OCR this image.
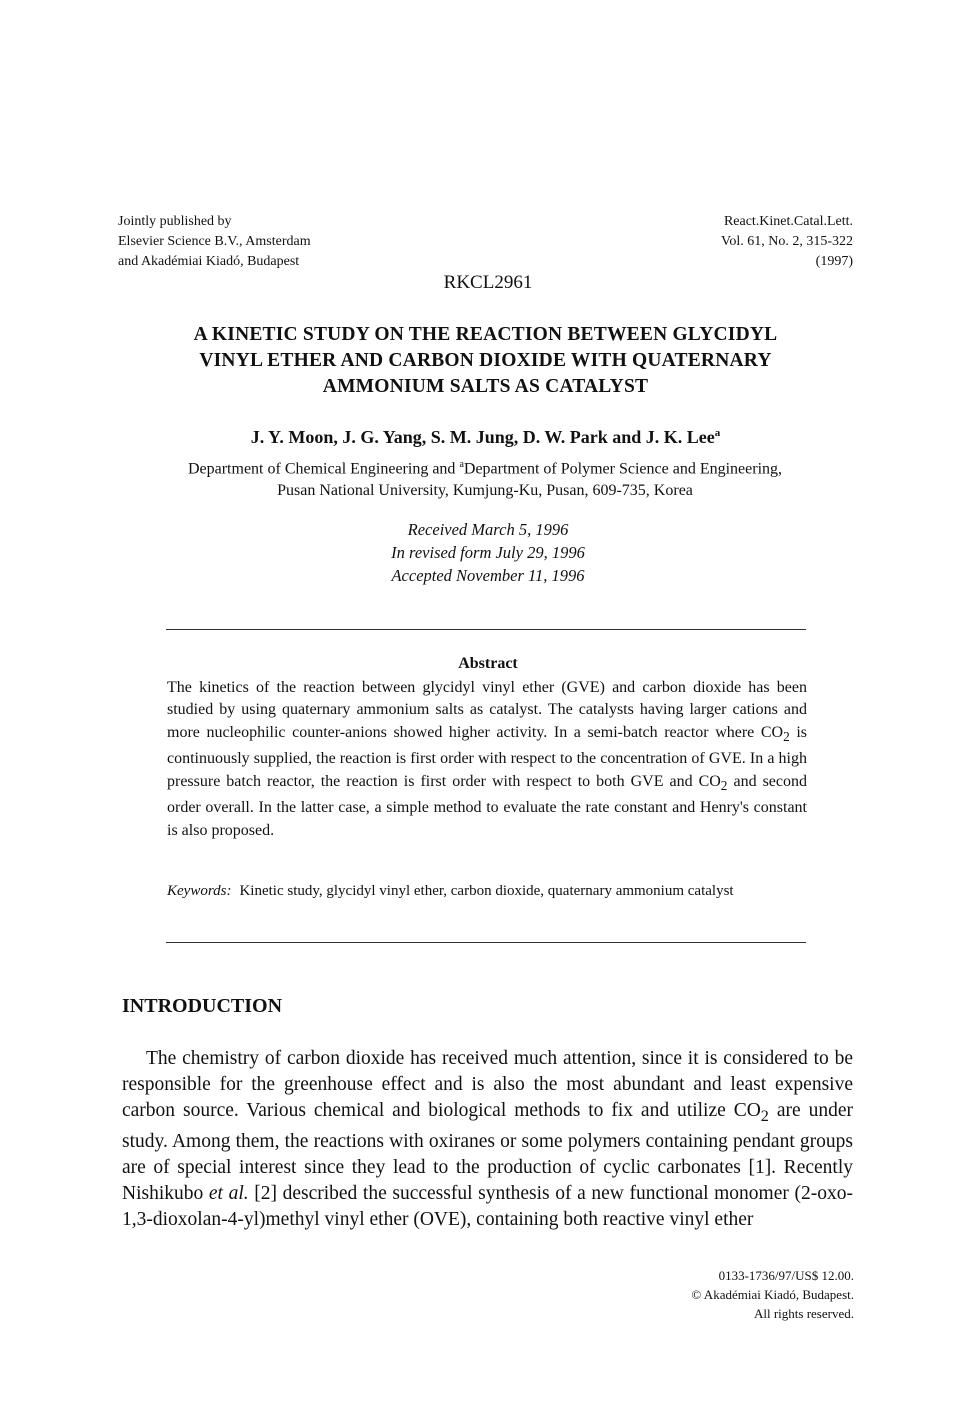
Jointly published by
Elsevier Science B.V., Amsterdam
and Akadémiai Kiadó, Budapest
React.Kinet.Catal.Lett.
Vol. 61, No. 2, 315-322
(1997)
RKCL2961
A KINETIC STUDY ON THE REACTION BETWEEN GLYCIDYL
VINYL ETHER AND CARBON DIOXIDE WITH QUATERNARY
AMMONIUM SALTS AS CATALYST
J. Y. Moon, J. G. Yang, S. M. Jung, D. W. Park and J. K. Lee$^a$
Department of Chemical Engineering and $^a$Department of Polymer Science and Engineering,
Pusan National University, Kumjung-Ku, Pusan, 609-735, Korea
Received March 5, 1996
In revised form July 29, 1996
Accepted November 11, 1996
Abstract
The kinetics of the reaction between glycidyl vinyl ether (GVE) and carbon dioxide has been studied by using quaternary ammonium salts as catalyst. The catalysts having larger cations and more nucleophilic counter-anions showed higher activity. In a semi-batch reactor where $CO_2$ is continuously supplied, the reaction is first order with respect to the concentration of GVE. In a high pressure batch reactor, the reaction is first order with respect to both GVE and $CO_2$ and second order overall. In the latter case, a simple method to evaluate the rate constant and Henry's constant is also proposed.
Keywords: Kinetic study, glycidyl vinyl ether, carbon dioxide, quaternary ammonium catalyst
INTRODUCTION
The chemistry of carbon dioxide has received much attention, since it is considered to be responsible for the greenhouse effect and is also the most abundant and least expensive carbon source. Various chemical and biological methods to fix and utilize $CO_2$ are under study. Among them, the reactions with oxiranes or some polymers containing pendant groups are of special interest since they lead to the production of cyclic carbonates [1]. Recently Nishikubo et al. [2] described the successful synthesis of a new functional monomer (2-oxo-1,3-dioxolan-4-yl)methyl vinyl ether (OVE), containing both reactive vinyl ether
0133-1736/97/US$ 12.00.
© Akadémiai Kiadó, Budapest.
All rights reserved.
